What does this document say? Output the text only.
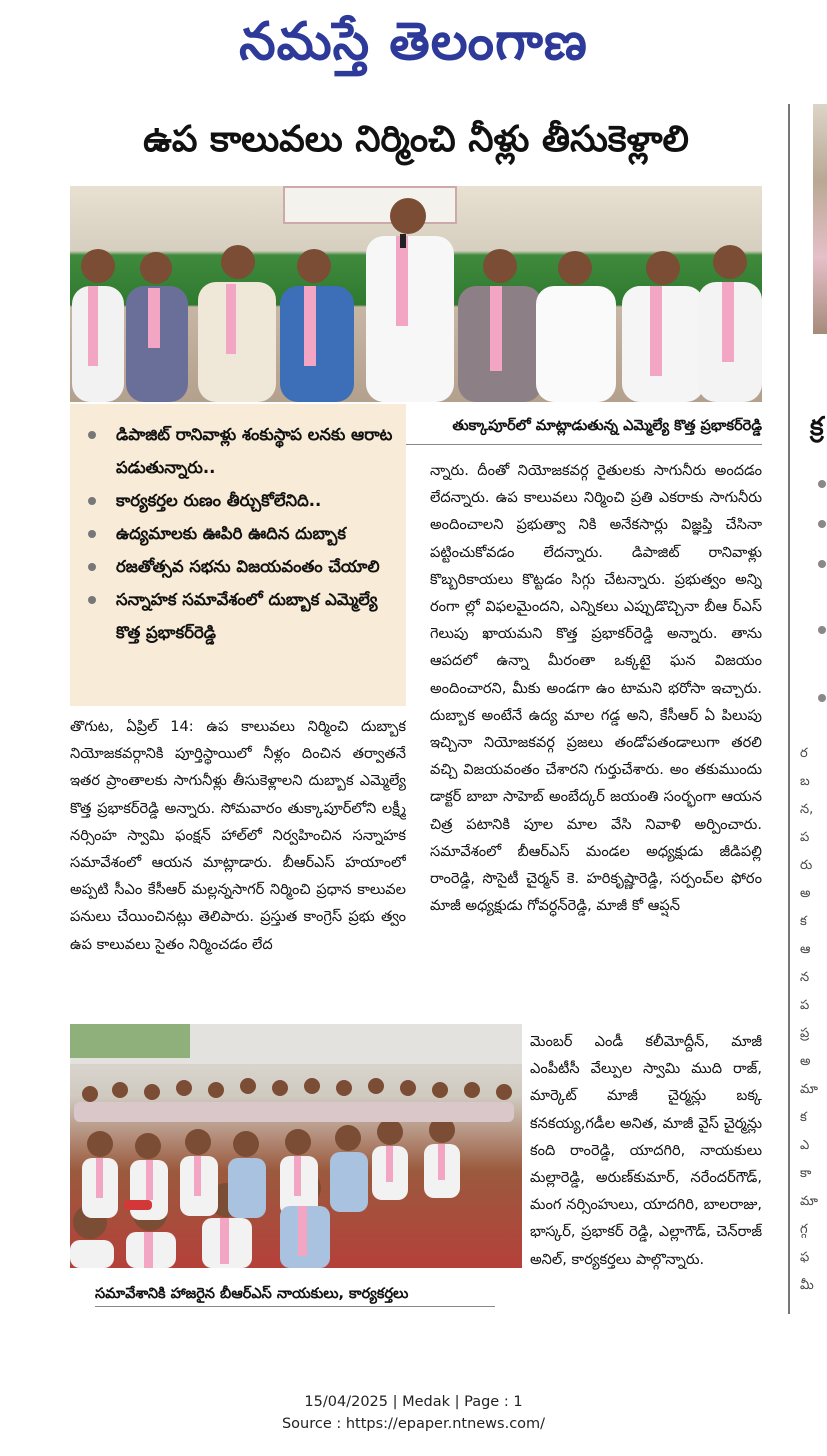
నమస్తే తెలంగాణ
ఉప కాలువలు నిర్మించి నీళ్లు తీసుకెళ్లాలి
తుక్కాపూర్‌లో మాట్లాడుతున్న ఎమ్మెల్యే కొత్త ప్రభాకర్‌రెడ్డి
డిపాజిట్ రానివాళ్లు శంకుస్థాప లనకు ఆరాట పడుతున్నారు..
కార్యకర్తల రుణం తీర్చుకోలేనిది..
ఉద్యమాలకు ఊపిరి ఊదిన దుబ్బాక
రజతోత్సవ సభను విజయవంతం చేయాలి
సన్నాహక సమావేశంలో దుబ్బాక ఎమ్మెల్యే కొత్త ప్రభాకర్‌రెడ్డి
తొగుట, ఏప్రిల్ 14: ఉప కాలువలు నిర్మించి దుబ్బాక నియోజకవర్గానికి పూర్తిస్థాయిలో నీళ్లం దించిన తర్వాతనే ఇతర ప్రాంతాలకు సాగునీళ్లు తీసుకెళ్లాలని దుబ్బాక ఎమ్మెల్యే కొత్త ప్రభాకర్‌రెడ్డి అన్నారు. సోమవారం తుక్కాపూర్‌లోని లక్ష్మీ నర్సింహ స్వామి ఫంక్షన్ హాల్‌లో నిర్వహించిన సన్నాహక సమావేశంలో ఆయన మాట్లాడారు. బీఆర్‌ఎస్ హయాంలో అప్పటి సీఎం కేసీఆర్ మల్లన్నసాగర్ నిర్మించి ప్రధాన కాలువల పనులు చేయించినట్లు తెలిపారు. ప్రస్తుత కాంగ్రెస్ ప్రభు త్వం ఉప కాలువలు సైతం నిర్మించడం లేద
న్నారు. దీంతో నియోజకవర్గ రైతులకు సాగునీరు అందడం లేదన్నారు. ఉప కాలువలు నిర్మించి ప్రతి ఎకరాకు సాగునీరు అందించాలని ప్రభుత్వా నికి అనేకసార్లు విజ్ఞప్తి చేసినా పట్టించుకోవడం లేదన్నారు. డిపాజిట్ రానివాళ్లు కొబ్బరికాయలు కొట్టడం సిగ్గు చేటన్నారు. ప్రభుత్వం అన్ని రంగా ల్లో విఫలమైందని, ఎన్నికలు ఎప్పుడొచ్చినా బీఆ ర్‌ఎస్ గెలుపు ఖాయమని కొత్త ప్రభాకర్‌రెడ్డి అన్నారు. తాను ఆపదలో ఉన్నా మీరంతా ఒక్కటై ఘన విజయం అందించారని, మీకు అండగా ఉం టామని భరోసా ఇచ్చారు. దుబ్బాక అంటేనే ఉద్య మాల గడ్డ అని, కేసీఆర్ ఏ పిలుపు ఇచ్చినా నియోజకవర్గ ప్రజలు తండోపతండాలుగా తరలి వచ్చి విజయవంతం చేశారని గుర్తుచేశారు. అం తకుముందు డాక్టర్ బాబా సాహెబ్ అంబేద్కర్ జయంతి సంర్భంగా ఆయన చిత్ర పటానికి పూల మాల వేసి నివాళి అర్పించారు. సమావేశంలో బీఆర్‌ఎస్ మండల అధ్యక్షుడు జీడిపల్లి రాంరెడ్డి, సొసైటీ చైర్మన్ కె. హరికృష్ణారెడ్డి, సర్పంచ్‌ల ఫోరం మాజీ అధ్యక్షుడు గోవర్ధన్‌రెడ్డి, మాజీ కో ఆప్షన్
మెంబర్ ఎండీ కలీమోద్దీన్, మాజీ ఎంపీటీసీ వేల్పుల స్వామి ముది రాజ్, మార్కెట్ మాజీ చైర్మన్లు బక్క కనకయ్య,గడీల అనిత, మాజీ వైస్ చైర్మన్లు కంది రాంరెడ్డి, యాదగిరి, నాయకులు మల్లారెడ్డి, అరుణ్‌కుమార్, నరేందర్‌గౌడ్, మంగ నర్సింహులు, యాదగిరి, బాలరాజు, భాస్కర్, ప్రభాకర్ రెడ్డి, ఎల్లాగౌడ్, చెన్‌రాజ్ అనిల్, కార్యకర్తలు పాల్గొన్నారు.
సమావేశానికి హాజరైన బీఆర్‌ఎస్ నాయకులు, కార్యకర్తలు
క్ర
ర
బ
న,
ప
రు
అ
క
ఆ
న
ప
ప్ర
అ
మా
క
ఎ
కా
మా
గ్గ
ఫ
మీ
15/04/2025 | Medak | Page : 1
Source : https://epaper.ntnews.com/
